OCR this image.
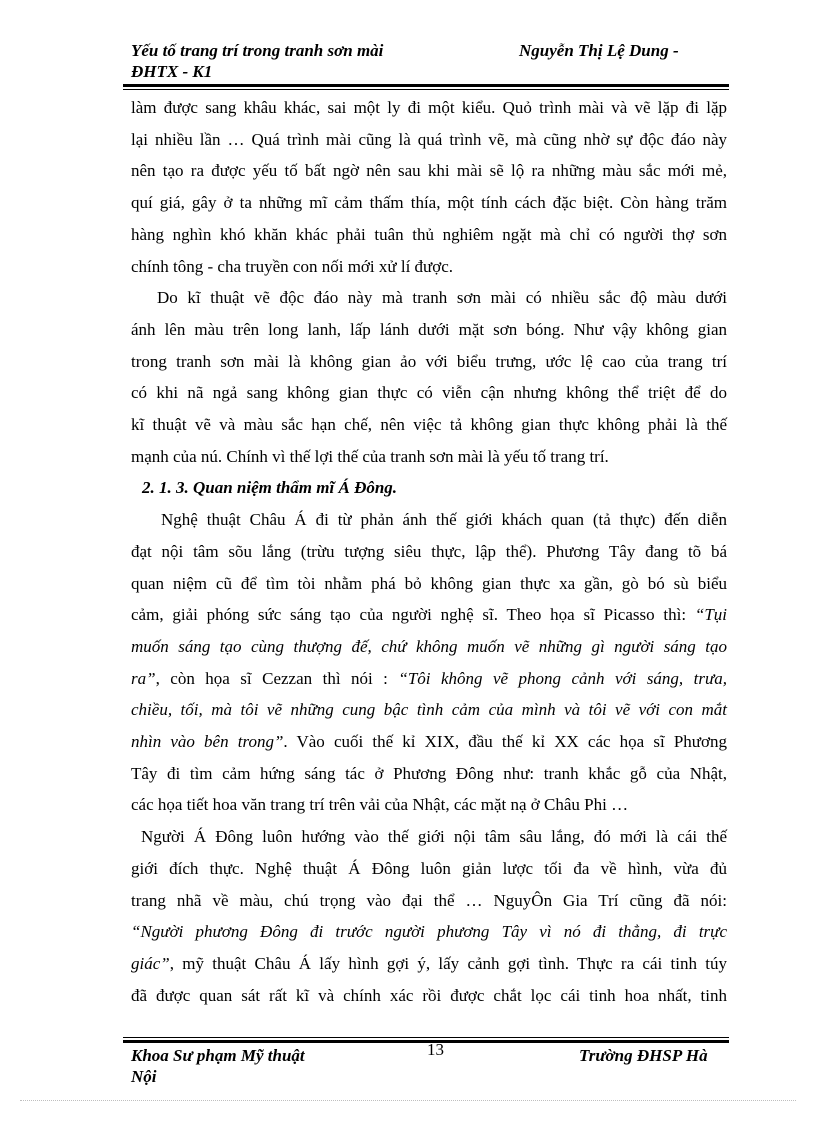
Yếu tố trang trí trong tranh sơn mài	Nguyễn Thị Lệ Dung -
ĐHTX - K1

làm được sang khâu khác, sai một ly đi một kiểu. Quỏ trình mài và vẽ lặp đi lặp
lại nhiều lần … Quá trình mài cũng là quá trình vẽ, mà cũng nhờ sự độc đáo này
nên tạo ra được yếu tố bất ngờ nên sau khi mài sẽ lộ ra những màu sắc mới mẻ,
quí giá, gây ở ta những mĩ cảm thấm thía, một tính cách đặc biệt. Còn hàng trăm
hàng nghìn khó khăn khác phải tuân thủ nghiêm ngặt mà chỉ có người thợ sơn
chính tông - cha truyền con nối mới xử lí được.

Do kĩ thuật vẽ độc đáo này mà tranh sơn mài có nhiều sắc độ màu dưới
ánh lên màu trên long lanh, lấp lánh dưới mặt sơn bóng. Như vậy không gian
trong tranh sơn mài là không gian ảo với biểu trưng, ước lệ cao của trang trí
có khi nã ngả sang không gian thực có viễn cận nhưng không thể triệt để do
kĩ thuật vẽ và màu sắc hạn chế, nên việc tả không gian thực không phải là thế
mạnh của nú. Chính vì thế lợi thế của tranh sơn mài là yếu tố trang trí.

2. 1. 3. Quan niệm thẩm mĩ Á Đông.

Nghệ thuật Châu Á đi từ phản ánh thế giới khách quan (tả thực) đến diễn
đạt nội tâm sõu lắng (trừu tượng siêu thực, lập thể). Phương Tây đang tõ bá
quan niệm cũ để tìm tòi nhằm phá bỏ không gian thực xa gần, gò bó sù biểu
cảm, giải phóng sức sáng tạo của người nghệ sĩ. Theo họa sĩ Picasso thì: “Tụi
muốn sáng tạo cùng thượng đế, chứ không muốn vẽ những gì người sáng tạo
ra”, còn họa sĩ Cezzan thì nói : “Tôi không vẽ phong cảnh với sáng, trưa,
chiều, tối, mà tôi vẽ những cung bậc tình cảm của mình và tôi vẽ với con mắt
nhìn vào bên trong”. Vào cuối thế kỉ XIX, đầu thế kỉ XX các họa sĩ Phương
Tây đi tìm cảm hứng sáng tác ở Phương Đông như: tranh khắc gỗ của Nhật,
các họa tiết hoa văn trang trí trên vải của Nhật, các mặt nạ ở Châu Phi …

Người Á Đông luôn hướng vào thế giới nội tâm sâu lắng, đó mới là cái thế
giới đích thực. Nghệ thuật Á Đông luôn giản lược tối đa về hình, vừa đủ
trang nhã về màu, chú trọng vào đại thể … NguyÔn Gia Trí cũng đã nói:
“Người phương Đông đi trước người phương Tây vì nó đi thẳng, đi trực
giác”, mỹ thuật Châu Á lấy hình gợi ý, lấy cảnh gợi tình. Thực ra cái tinh túy
đã được quan sát rất kĩ và chính xác rồi được chắt lọc cái tinh hoa nhất, tinh

Khoa Sư phạm Mỹ thuật
Nội
Trường ĐHSP Hà
13
